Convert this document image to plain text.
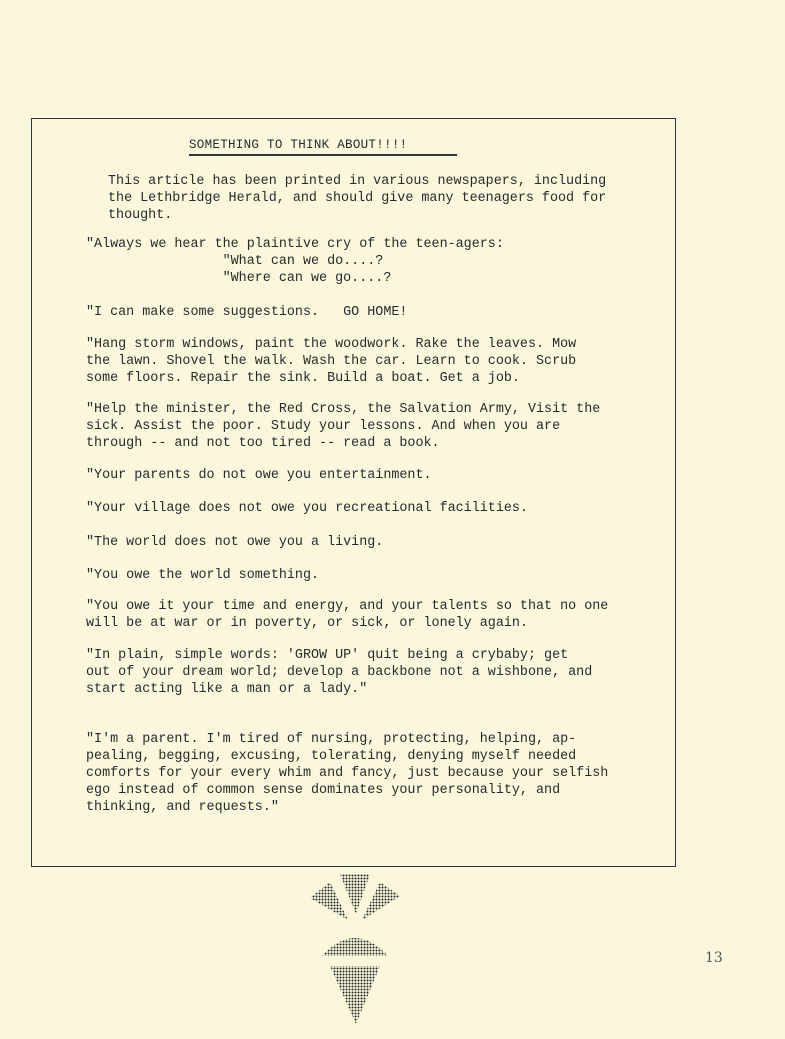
SOMETHING TO THINK ABOUT!!!!
This article has been printed in various newspapers, including
the Lethbridge Herald, and should give many teenagers food for
thought.
"Always we hear the plaintive cry of the teen-agers:
"What can we do....?
"Where can we go....?
"I can make some suggestions.   GO HOME!
"Hang storm windows, paint the woodwork. Rake the leaves. Mow
the lawn. Shovel the walk. Wash the car. Learn to cook. Scrub
some floors. Repair the sink. Build a boat. Get a job.
"Help the minister, the Red Cross, the Salvation Army, Visit the
sick. Assist the poor. Study your lessons. And when you are
through -- and not too tired -- read a book.
"Your parents do not owe you entertainment.
"Your village does not owe you recreational facilities.
"The world does not owe you a living.
"You owe the world something.
"You owe it your time and energy, and your talents so that no one
will be at war or in poverty, or sick, or lonely again.
"In plain, simple words: 'GROW UP' quit being a crybaby; get
out of your dream world; develop a backbone not a wishbone, and
start acting like a man or a lady."
"I'm a parent. I'm tired of nursing, protecting, helping, ap-
pealing, begging, excusing, tolerating, denying myself needed
comforts for your every whim and fancy, just because your selfish
ego instead of common sense dominates your personality, and
thinking, and requests."
13
